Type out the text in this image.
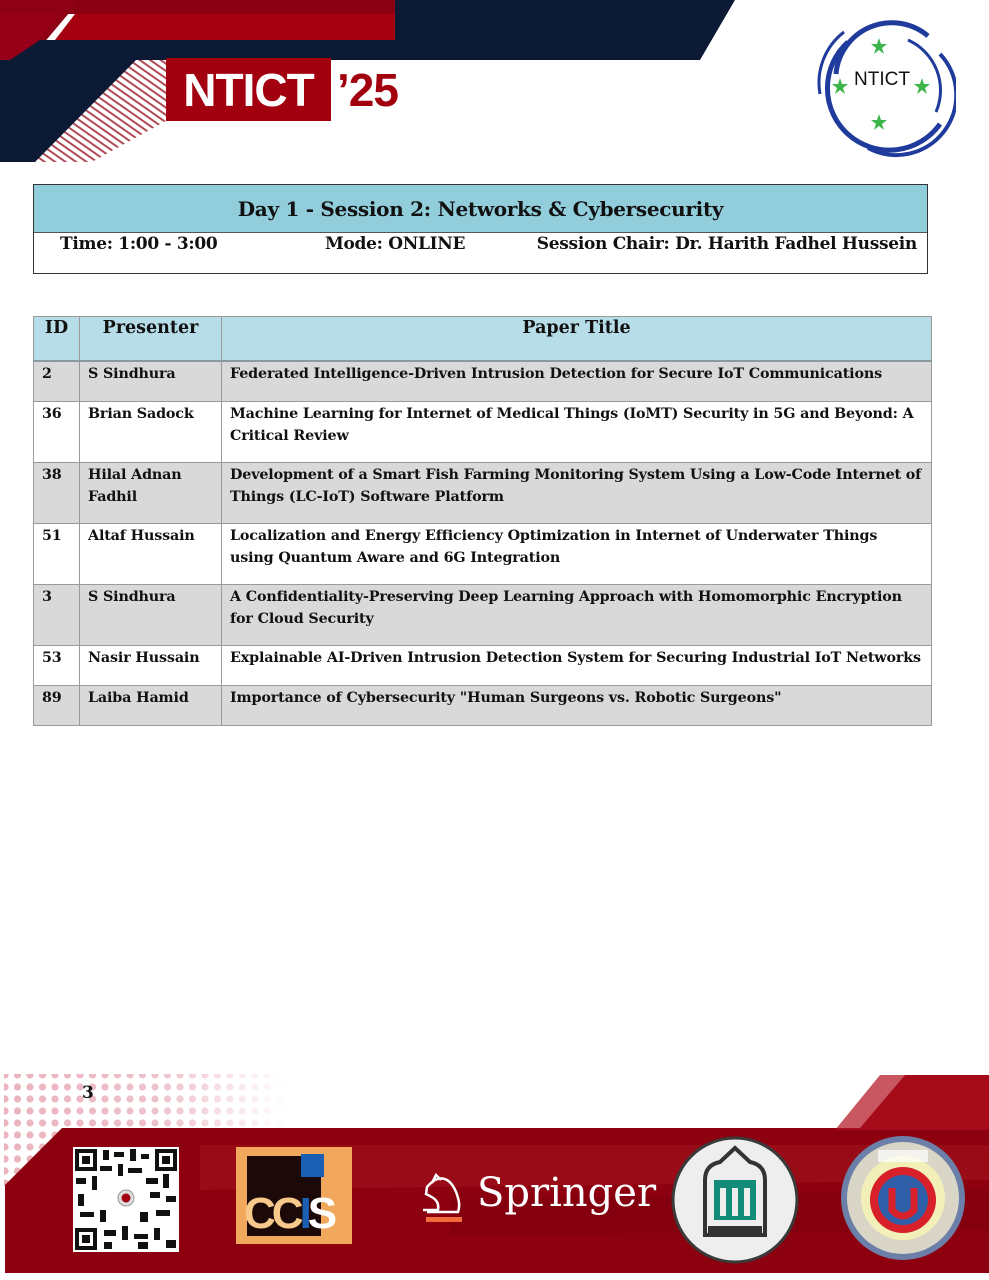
NTICT ’25	NTICT
Day 1 - Session 2: Networks & Cybersecurity
Time: 1:00 - 3:00	Mode: ONLINE	Session Chair: Dr. Harith Fadhel Hussein
ID	Presenter	Paper Title
2	S Sindhura	Federated Intelligence-Driven Intrusion Detection for Secure IoT Communications
36	Brian Sadock	Machine Learning for Internet of Medical Things (IoMT) Security in 5G and Beyond: A Critical Review
38	Hilal Adnan Fadhil	Development of a Smart Fish Farming Monitoring System Using a Low-Code Internet of Things (LC-IoT) Software Platform
51	Altaf Hussain	Localization and Energy Efficiency Optimization in Internet of Underwater Things using Quantum Aware and 6G Integration
3	S Sindhura	A Confidentiality-Preserving Deep Learning Approach with Homomorphic Encryption for Cloud Security
53	Nasir Hussain	Explainable AI-Driven Intrusion Detection System for Securing Industrial IoT Networks
89	Laiba Hamid	Importance of Cybersecurity "Human Surgeons vs. Robotic Surgeons"
3
CCIS	Springer
